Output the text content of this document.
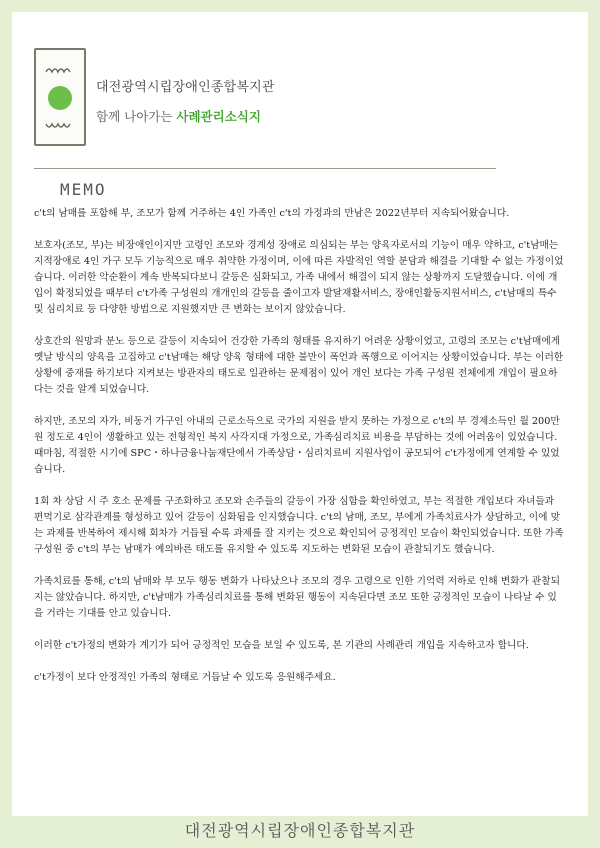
대전광역시립장애인종합복지관
함께 나아가는 사례관리소식지
MEMO

c't의 남매를 포함해 부, 조모가 함께 거주하는 4인 가족인 c't의 가정과의 만남은 2022년부터 지속되어왔습니다.

보호자(조모, 부)는 비장애인이지만 고령인 조모와 경계성 장애로 의심되는 부는 양육자로서의 기능이 매우 약하고, c't남매는 지적장애로 4인 가구 모두 기능적으로 매우 취약한 가정이며, 이에 따른 자발적인 역할 분담과 해결을 기대할 수 없는 가정이었습니다. 이러한 악순환이 계속 반복되다보니 갈등은 심화되고, 가족 내에서 해결이 되지 않는 상황까지 도달했습니다. 이에 개입이 확정되었을 때부터 c't가족 구성원의 개개인의 갈등을 줄이고자 발달재활서비스, 장애인활동지원서비스, c't남매의 특수 및 심리치료 등 다양한 방법으로 지원했지만 큰 변화는 보이지 않았습니다.

상호간의 원망과 분노 등으로 갈등이 지속되어 건강한 가족의 형태를 유지하기 어려운 상황이었고, 고령의 조모는 c't남매에게 옛날 방식의 양육을 고집하고 c't남매는 해당 양육 형태에 대한 불만이 폭언과 폭행으로 이어지는 상황이었습니다. 부는 이러한 상황에 중재를 하기보다 지켜보는 방관자의 태도로 일관하는 문제점이 있어 개인 보다는 가족 구성원 전체에게 개입이 필요하다는 것을 알게 되었습니다.

하지만, 조모의 자가, 비동거 가구인 아내의 근로소득으로 국가의 지원을 받지 못하는 가정으로 c't의 부 경제소득인 월 200만원 정도로 4인이 생활하고 있는 전형적인 복지 사각지대 가정으로, 가족심리치료 비용을 부담하는 것에 어려움이 있었습니다. 때마침, 적절한 시기에 SPC・하나금융나눔재단에서 가족상담・심리치료비 지원사업이 공모되어 c't가정에게 연계할 수 있었습니다.

1회 차 상담 시 주 호소 문제를 구조화하고 조모와 손주들의 갈등이 가장 심함을 확인하였고, 부는 적절한 개입보다 자녀들과 편먹기로 삼각관계를 형성하고 있어 갈등이 심화됨을 인지했습니다. c't의 남매, 조모, 부에게 가족치료사가 상담하고, 이에 맞는 과제를 반복하여 제시해 회차가 거듭될 수록 과제를 잘 지키는 것으로 확인되어 긍정적인 모습이 확인되었습니다. 또한 가족구성원 중 c't의 부는 남매가 예의바른 태도를 유지할 수 있도록 지도하는 변화된 모습이 관찰되기도 했습니다.

가족치료를 통해, c't의 남매와 부 모두 행동 변화가 나타났으나 조모의 경우 고령으로 인한 기억력 저하로 인해 변화가 관찰되지는 않았습니다. 하지만, c't남매가 가족심리치료를 통해 변화된 행동이 지속된다면 조모 또한 긍정적인 모습이 나타날 수 있을 거라는 기대를 안고 있습니다.

이러한 c't가정의 변화가 계기가 되어 긍정적인 모습을 보일 수 있도록, 본 기관의 사례관리 개입을 지속하고자 합니다.

c't가정이 보다 안정적인 가족의 형태로 거듭날 수 있도록 응원해주세요.

대전광역시립장애인종합복지관
